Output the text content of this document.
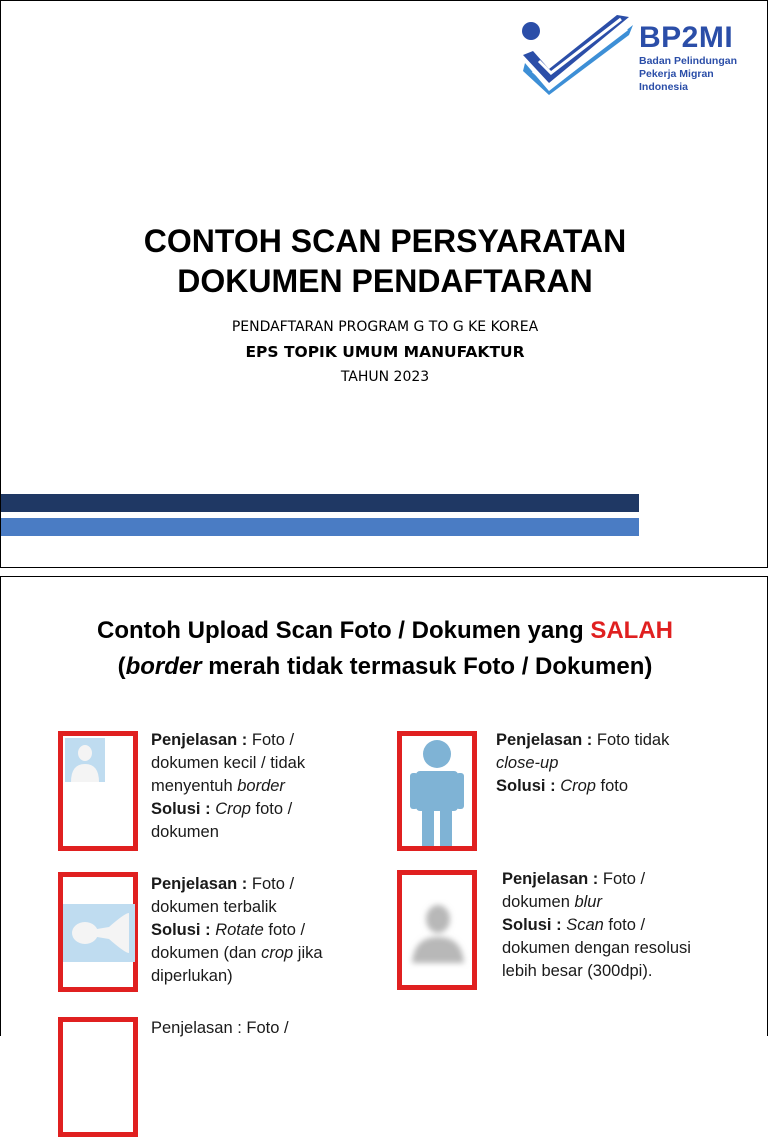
BP2MI
Badan Pelindungan
Pekerja Migran
Indonesia
CONTOH SCAN PERSYARATAN
DOKUMEN PENDAFTARAN
PENDAFTARAN PROGRAM G TO G KE KOREA
EPS TOPIK UMUM MANUFAKTUR
TAHUN 2023
Contoh Upload Scan Foto / Dokumen yang SALAH
(border merah tidak termasuk Foto / Dokumen)
Penjelasan : Foto / dokumen kecil / tidak menyentuh border
Solusi : Crop foto / dokumen
Penjelasan : Foto tidak close-up
Solusi : Crop foto
Penjelasan : Foto / dokumen terbalik
Solusi : Rotate foto / dokumen (dan crop jika diperlukan)
Penjelasan : Foto / dokumen blur
Solusi : Scan foto / dokumen dengan resolusi lebih besar (300dpi).
Penjelasan : Foto /
